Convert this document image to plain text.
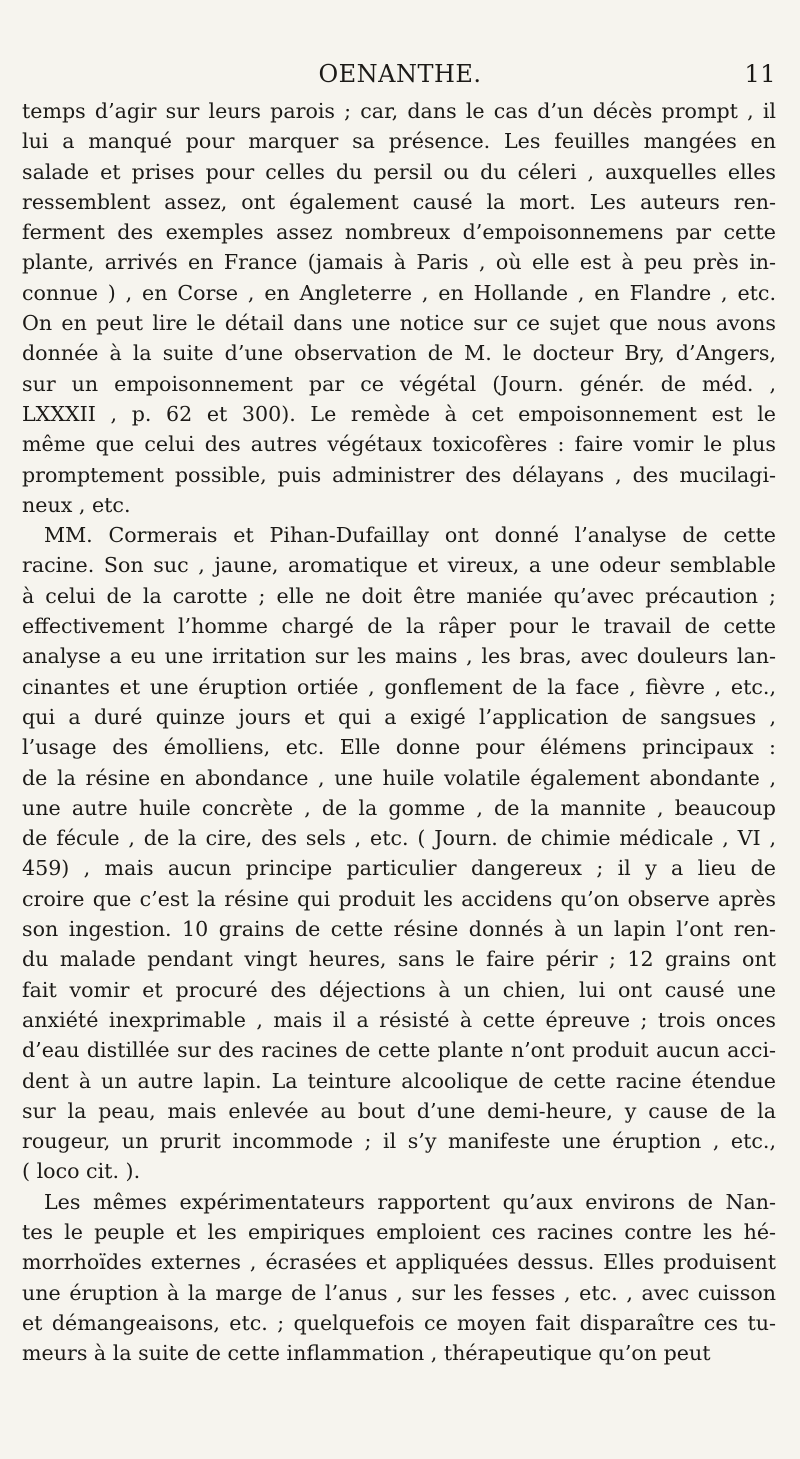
OENANTHE.	11
temps d’agir sur leurs parois ; car, dans le cas d’un décès prompt , il
lui a manqué pour marquer sa présence. Les feuilles mangées en
salade et prises pour celles du persil ou du céleri , auxquelles elles
ressemblent assez, ont également causé la mort. Les auteurs ren-
ferment des exemples assez nombreux d’empoisonnemens par cette
plante, arrivés en France (jamais à Paris , où elle est à peu près in-
connue ) , en Corse , en Angleterre , en Hollande , en Flandre , etc.
On en peut lire le détail dans une notice sur ce sujet que nous avons
donnée à la suite d’une observation de M. le docteur Bry, d’Angers,
sur un empoisonnement par ce végétal (Journ. génér. de méd. ,
LXXXII , p. 62 et 300). Le remède à cet empoisonnement est le
même que celui des autres végétaux toxicofères : faire vomir le plus
promptement possible, puis administrer des délayans , des mucilagi-
neux , etc.
MM. Cormerais et Pihan-Dufaillay ont donné l’analyse de cette
racine. Son suc , jaune, aromatique et vireux, a une odeur semblable
à celui de la carotte ; elle ne doit être maniée qu’avec précaution ;
effectivement l’homme chargé de la râper pour le travail de cette
analyse a eu une irritation sur les mains , les bras, avec douleurs lan-
cinantes et une éruption ortiée , gonflement de la face , fièvre , etc.,
qui a duré quinze jours et qui a exigé l’application de sangsues ,
l’usage des émolliens, etc. Elle donne pour élémens principaux :
de la résine en abondance , une huile volatile également abondante ,
une autre huile concrète , de la gomme , de la mannite , beaucoup
de fécule , de la cire, des sels , etc. ( Journ. de chimie médicale , VI ,
459) , mais aucun principe particulier dangereux ; il y a lieu de
croire que c’est la résine qui produit les accidens qu’on observe après
son ingestion. 10 grains de cette résine donnés à un lapin l’ont ren-
du malade pendant vingt heures, sans le faire périr ; 12 grains ont
fait vomir et procuré des déjections à un chien, lui ont causé une
anxiété inexprimable , mais il a résisté à cette épreuve ; trois onces
d’eau distillée sur des racines de cette plante n’ont produit aucun acci-
dent à un autre lapin. La teinture alcoolique de cette racine étendue
sur la peau, mais enlevée au bout d’une demi-heure, y cause de la
rougeur, un prurit incommode ; il s’y manifeste une éruption , etc.,
( loco cit. ).
Les mêmes expérimentateurs rapportent qu’aux environs de Nan-
tes le peuple et les empiriques emploient ces racines contre les hé-
morrhoïdes externes , écrasées et appliquées dessus. Elles produisent
une éruption à la marge de l’anus , sur les fesses , etc. , avec cuisson
et démangeaisons, etc. ; quelquefois ce moyen fait disparaître ces tu-
meurs à la suite de cette inflammation , thérapeutique qu’on peut
